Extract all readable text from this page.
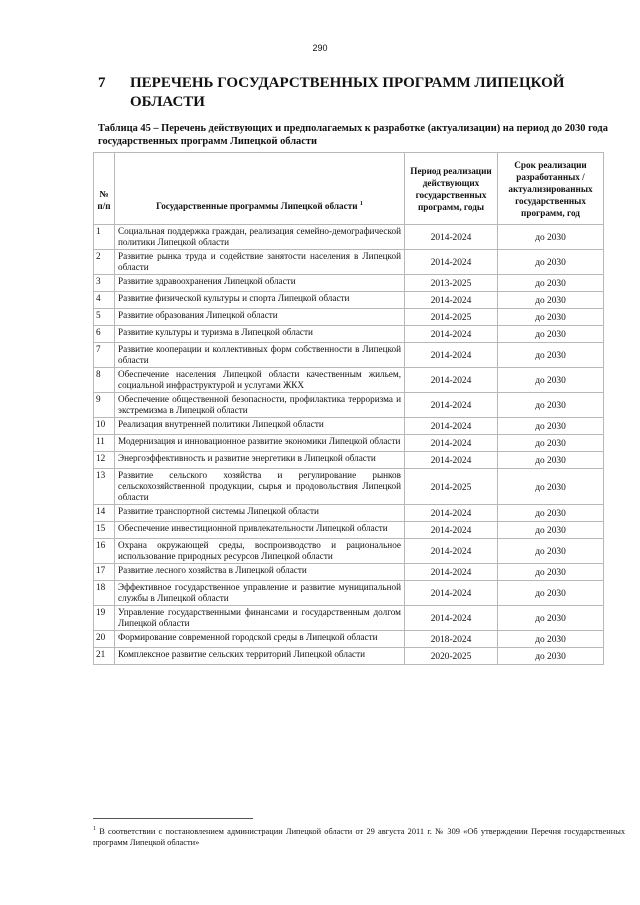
290
7 ПЕРЕЧЕНЬ ГОСУДАРСТВЕННЫХ ПРОГРАММ ЛИПЕЦКОЙ ОБЛАСТИ
Таблица 45 – Перечень действующих и предполагаемых к разработке (актуализации) на период до 2030 года государственных программ Липецкой области
№ п/п	Государственные программы Липецкой области $^1$	Период реализации действующих государственных программ, годы	Срок реализации разработанных / актуализированных государственных программ, год
1	Социальная поддержка граждан, реализация семейно-демографической политики Липецкой области	2014-2024	до 2030
2	Развитие рынка труда и содействие занятости населения в Липецкой области	2014-2024	до 2030
3	Развитие здравоохранения Липецкой области	2013-2025	до 2030
4	Развитие физической культуры и спорта Липецкой области	2014-2024	до 2030
5	Развитие образования Липецкой области	2014-2025	до 2030
6	Развитие культуры и туризма в Липецкой области	2014-2024	до 2030
7	Развитие кооперации и коллективных форм собственности в Липецкой области	2014-2024	до 2030
8	Обеспечение населения Липецкой области качественным жильем, социальной инфраструктурой и услугами ЖКХ	2014-2024	до 2030
9	Обеспечение общественной безопасности, профилактика терроризма и экстремизма в Липецкой области	2014-2024	до 2030
10	Реализация внутренней политики Липецкой области	2014-2024	до 2030
11	Модернизация и инновационное развитие экономики Липецкой области	2014-2024	до 2030
12	Энергоэффективность и развитие энергетики в Липецкой области	2014-2024	до 2030
13	Развитие сельского хозяйства и регулирование рынков сельскохозяйственной продукции, сырья и продовольствия Липецкой области	2014-2025	до 2030
14	Развитие транспортной системы Липецкой области	2014-2024	до 2030
15	Обеспечение инвестиционной привлекательности Липецкой области	2014-2024	до 2030
16	Охрана окружающей среды, воспроизводство и рациональное использование природных ресурсов Липецкой области	2014-2024	до 2030
17	Развитие лесного хозяйства в Липецкой области	2014-2024	до 2030
18	Эффективное государственное управление и развитие муниципальной службы в Липецкой области	2014-2024	до 2030
19	Управление государственными финансами и государственным долгом Липецкой области	2014-2024	до 2030
20	Формирование современной городской среды в Липецкой области	2018-2024	до 2030
21	Комплексное развитие сельских территорий Липецкой области	2020-2025	до 2030
$^1$ В соответствии с постановлением администрации Липецкой области от 29 августа 2011 г. № 309 «Об утверждении Перечня государственных программ Липецкой области»
